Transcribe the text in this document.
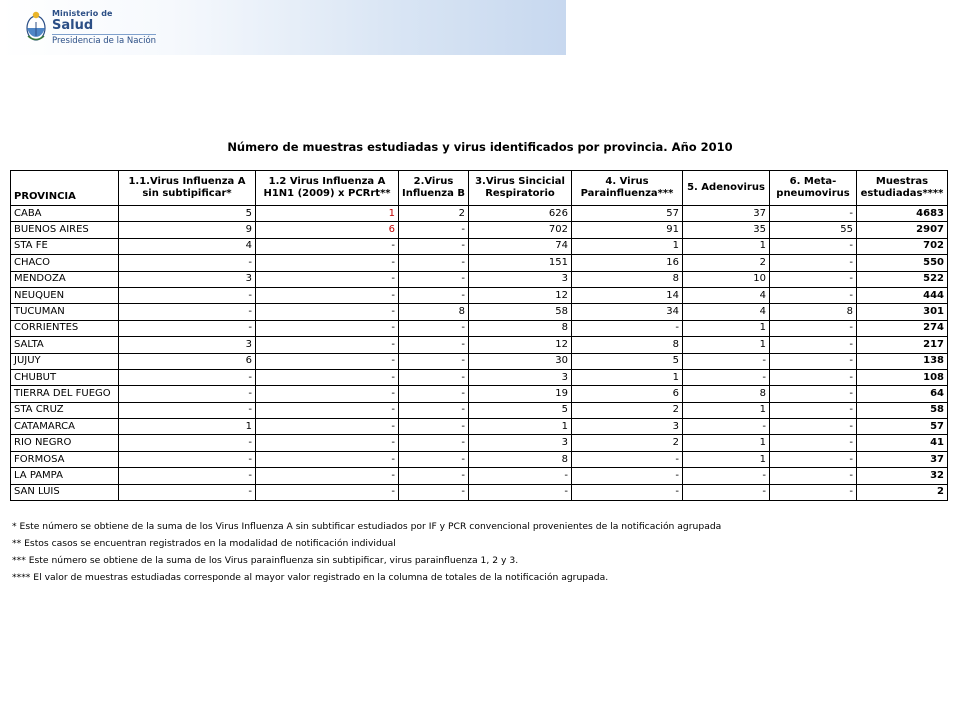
Ministerio de
Salud
Presidencia de la Nación
Número de muestras estudiadas y virus identificados por provincia. Año 2010
PROVINCIA	1.1.Virus Influenza A sin subtipificar*	1.2 Virus Influenza A H1N1 (2009) x PCRrt**	2.Virus Influenza B	3.Virus Sincicial Respiratorio	4. Virus Parainfluenza***	5. Adenovirus	6. Meta-pneumovirus	Muestras estudiadas****
CABA	5	1	2	626	57	37	-	4683
BUENOS AIRES	9	6	-	702	91	35	55	2907
STA FE	4	-	-	74	1	1	-	702
CHACO	-	-	-	151	16	2	-	550
MENDOZA	3	-	-	3	8	10	-	522
NEUQUEN	-	-	-	12	14	4	-	444
TUCUMAN	-	-	8	58	34	4	8	301
CORRIENTES	-	-	-	8	-	1	-	274
SALTA	3	-	-	12	8	1	-	217
JUJUY	6	-	-	30	5	-	-	138
CHUBUT	-	-	-	3	1	-	-	108
TIERRA DEL FUEGO	-	-	-	19	6	8	-	64
STA CRUZ	-	-	-	5	2	1	-	58
CATAMARCA	1	-	-	1	3	-	-	57
RIO NEGRO	-	-	-	3	2	1	-	41
FORMOSA	-	-	-	8	-	1	-	37
LA PAMPA	-	-	-	-	-	-	-	32
SAN LUIS	-	-	-	-	-	-	-	2
* Este número se obtiene de la suma de los Virus Influenza A sin subtificar estudiados por IF y PCR convencional provenientes de la notificación agrupada
** Estos casos se encuentran registrados en la modalidad de notificación individual
*** Este número se obtiene de la suma de los Virus parainfluenza sin subtipificar, virus parainfluenza 1, 2 y 3.
**** El valor de muestras estudiadas corresponde al mayor valor registrado en la columna de totales de la notificación agrupada.
